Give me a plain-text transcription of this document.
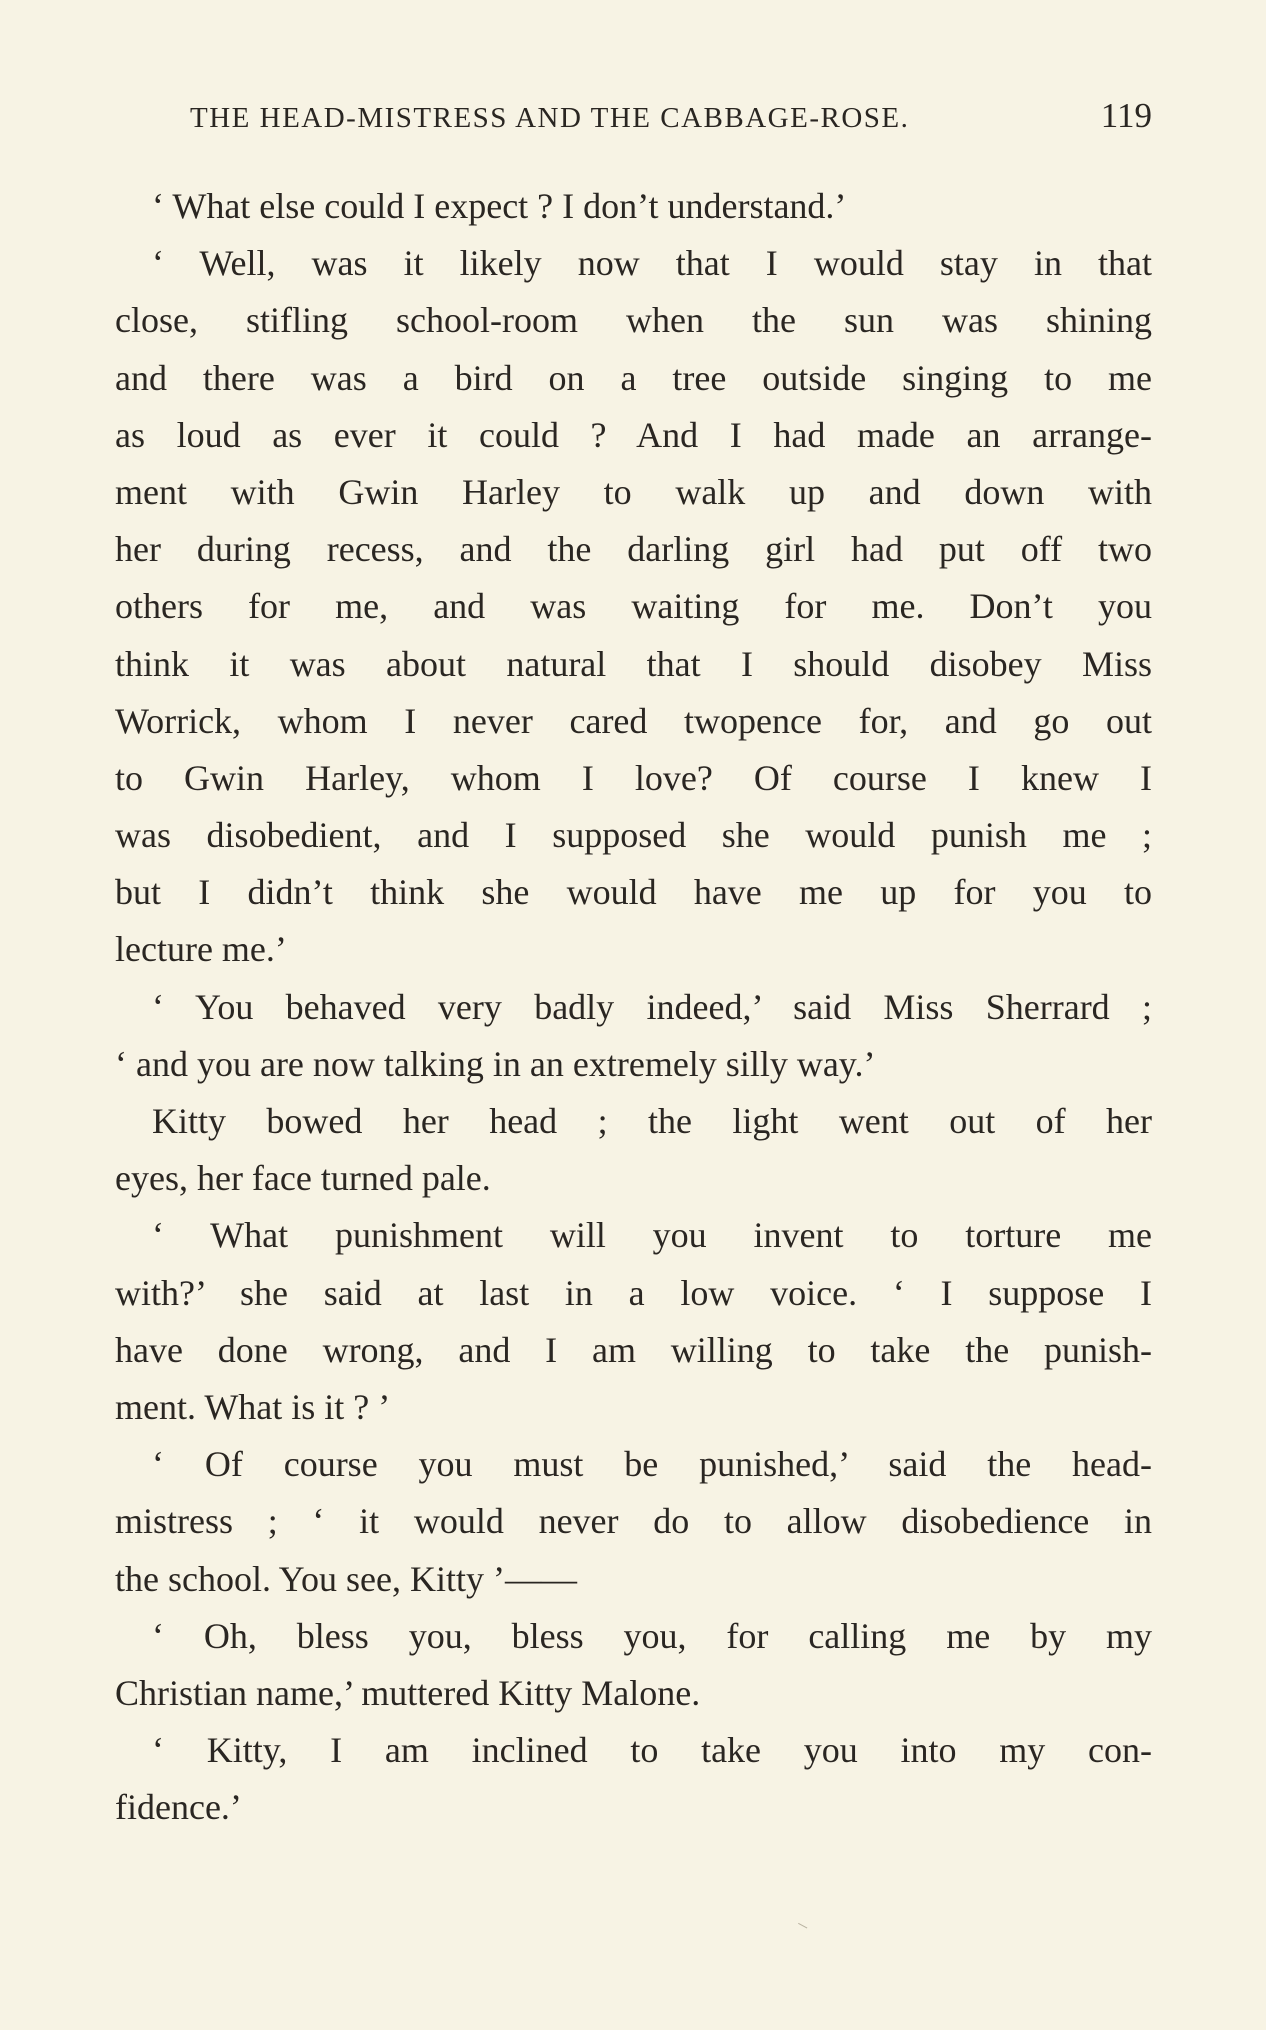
THE HEAD-MISTRESS AND THE CABBAGE-ROSE.	119
‘ What else could I expect ? I don’t understand.’
‘ Well, was it likely now that I would stay in that
close, stifling school-room when the sun was shining
and there was a bird on a tree outside singing to me
as loud as ever it could ? And I had made an arrange-
ment with Gwin Harley to walk up and down with
her during recess, and the darling girl had put off two
others for me, and was waiting for me. Don’t you
think it was about natural that I should disobey Miss
Worrick, whom I never cared twopence for, and go out
to Gwin Harley, whom I love? Of course I knew I
was disobedient, and I supposed she would punish me ;
but I didn’t think she would have me up for you to
lecture me.’
‘ You behaved very badly indeed,’ said Miss Sherrard ;
‘ and you are now talking in an extremely silly way.’
Kitty bowed her head ; the light went out of her
eyes, her face turned pale.
‘ What punishment will you invent to torture me
with?’ she said at last in a low voice. ‘ I suppose I
have done wrong, and I am willing to take the punish-
ment. What is it ? ’
‘ Of course you must be punished,’ said the head-
mistress ; ‘ it would never do to allow disobedience in
the school. You see, Kitty ’——
‘ Oh, bless you, bless you, for calling me by my
Christian name,’ muttered Kitty Malone.
‘ Kitty, I am inclined to take you into my con-
fidence.’
